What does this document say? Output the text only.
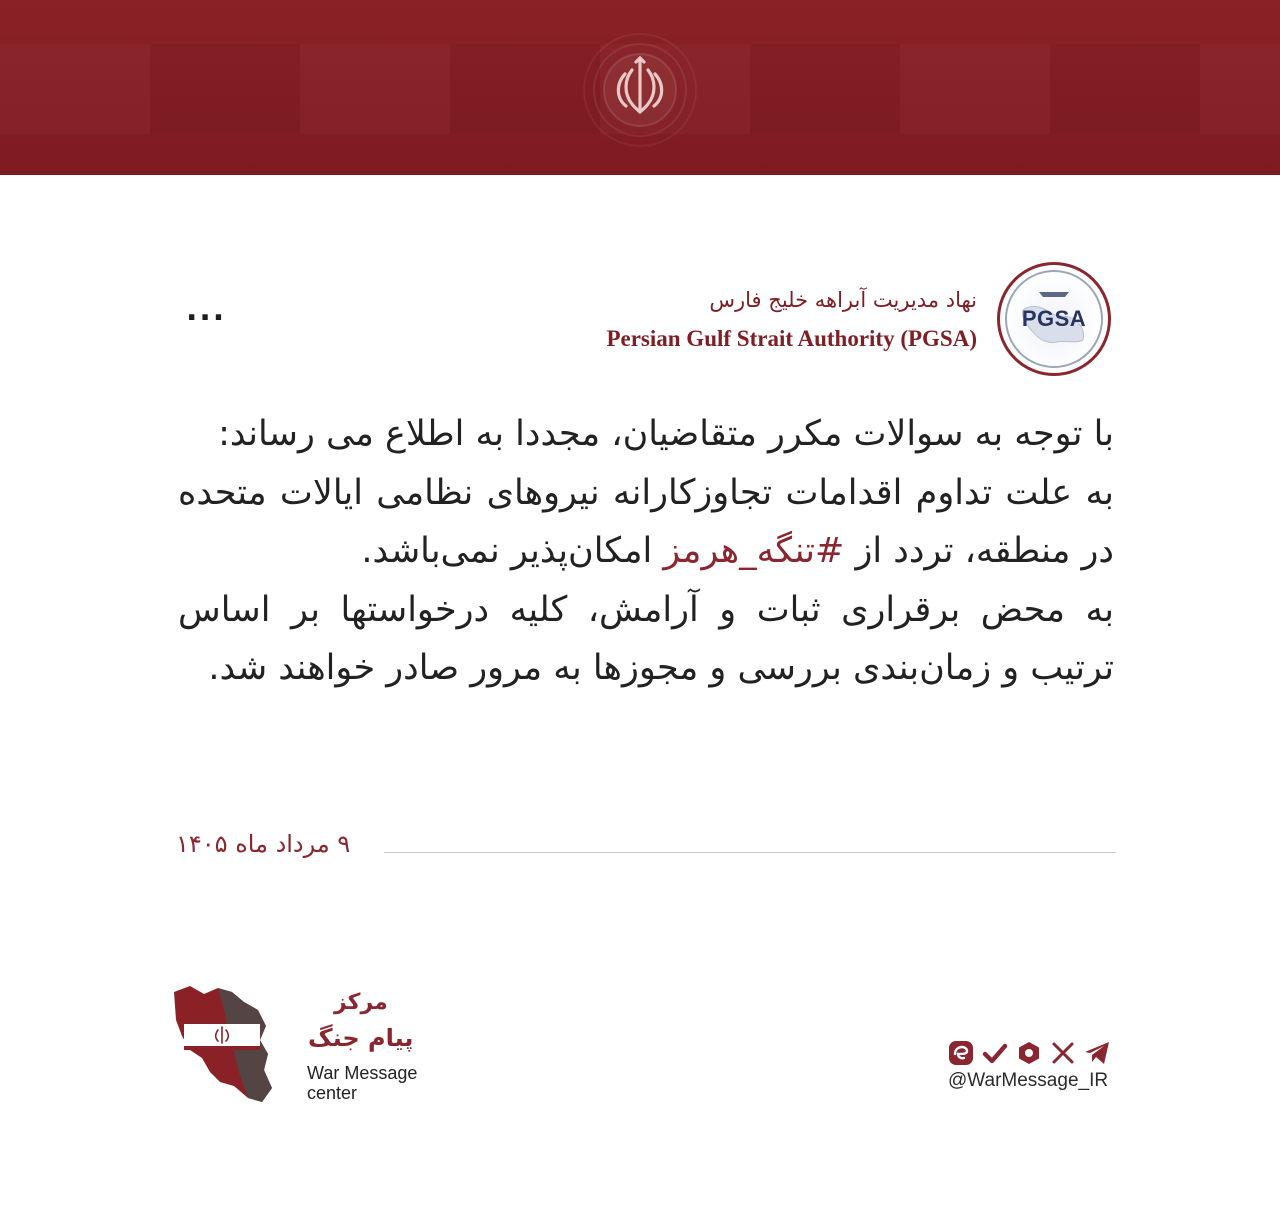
...	نهاد مدیریت آبراهه خلیج فارس
Persian Gulf Strait Authority (PGSA)
PGSA
با توجه به سوالات مکرر متقاضیان، مجددا به اطلاع می رساند:
به علت تداوم اقدامات تجاوزکارانه نیروهای نظامی ایالات متحده در منطقه، تردد از #تنگه_هرمز امکان‌پذیر نمی‌باشد.
به محض برقراری ثبات و آرامش، کلیه درخواستها بر اساس ترتیب و زمان‌بندی بررسی و مجوزها به مرور صادر خواهند شد.
۹ مرداد ماه ۱۴۰۵
مرکز
پیام جنگ
War Message
center
@WarMessage_IR
